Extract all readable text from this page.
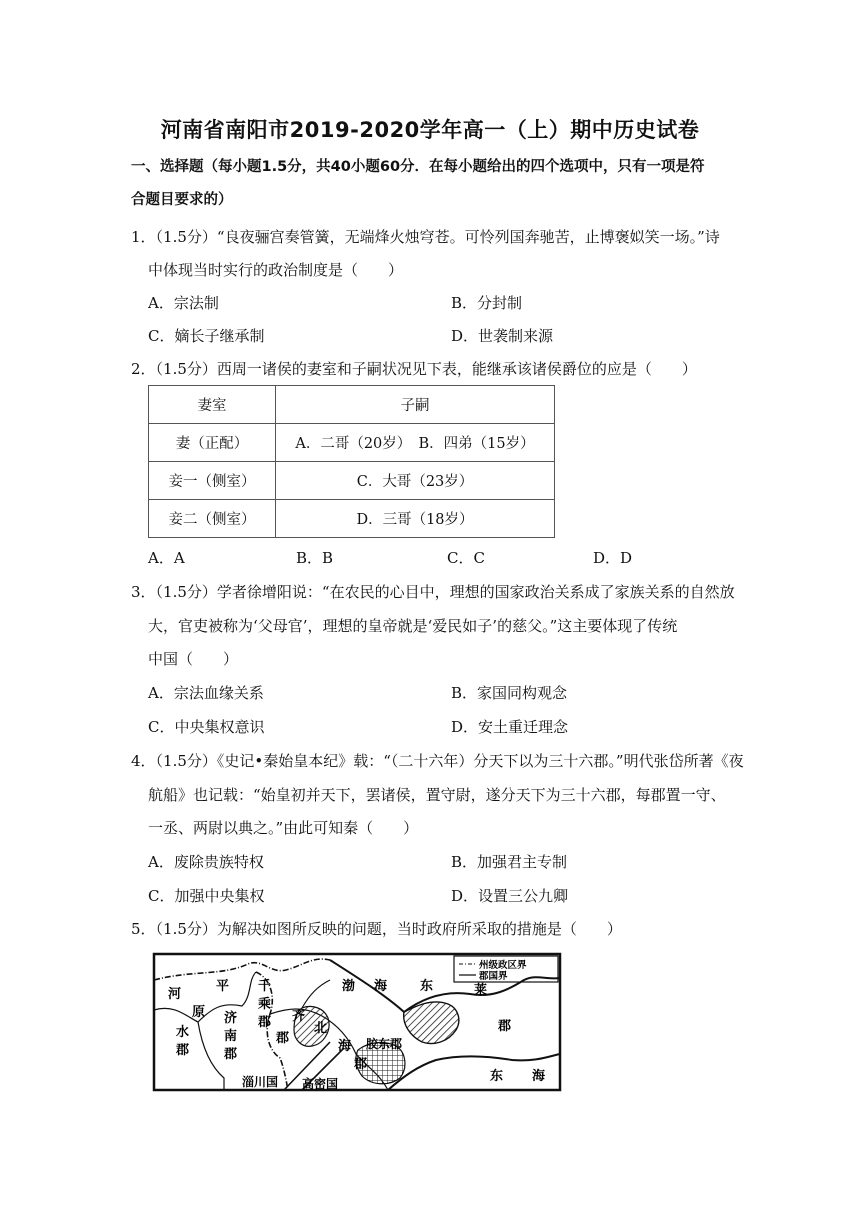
河南省南阳市2019-2020学年高一（上）期中历史试卷
一、选择题（每小题1.5分，共40小题60分．在每小题给出的四个选项中，只有一项是符
合题目要求的）
1．（1.5分）“良夜骊宫奏管簧，无端烽火烛穹苍。可怜列国奔驰苦，止博褒姒笑一场。”诗
中体现当时实行的政治制度是（　　）
A．宗法制	B．分封制
C．嫡长子继承制	D．世袭制来源
2．（1.5分）西周一诸侯的妻室和子嗣状况见下表，能继承该诸侯爵位的应是（　　）
妻室	子嗣
妻（正配）	A．二哥（20岁）　B．四弟（15岁）
妾一（侧室）	C．大哥（23岁）
妾二（侧室）	D．三哥（18岁）
A．A	B．B	C．C	D．D
3．（1.5分）学者徐增阳说：“在农民的心目中，理想的国家政治关系成了家族关系的自然放
大，官吏被称为‘父母官’，理想的皇帝就是‘爱民如子’的慈父。”这主要体现了传统
中国（　　）
A．宗法血缘关系	B．家国同构观念
C．中央集权意识	D．安土重迁理念
4．（1.5分）《史记•秦始皇本纪》载：“（二十六年）分天下以为三十六郡。”明代张岱所著《夜
航船》也记载：“始皇初并天下，罢诸侯，置守尉，遂分天下为三十六郡，每郡置一守、
一丞、两尉以典之。”由此可知秦（　　）
A．废除贵族特权	B．加强君主专制
C．加强中央集权	D．设置三公九卿
5．（1.5分）为解决如图所反映的问题，当时政府所采取的措施是（　　）
州级政区界
郡国界
河
平
原
水
郡
济
南
郡
千
乘
郡 齐
郡
北
海
郡
渤 海	东	莱
郡
胶东郡
淄川国 高密国	东 海
